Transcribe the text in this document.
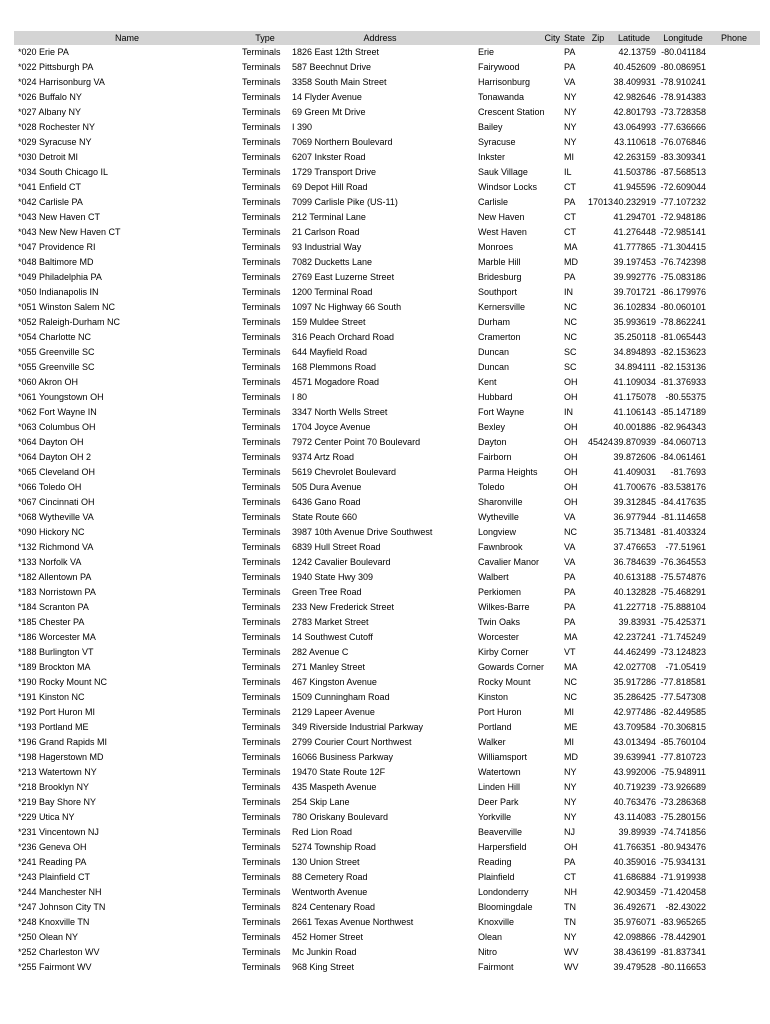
Name	Type	Address	City	State	Zip	Latitude	Longitude	Phone
*020 Erie PA	Terminals	1826 East 12th Street	Erie	PA		42.13759	-80.041184	
*022 Pittsburgh PA	Terminals	587 Beechnut Drive	Fairywood	PA		40.452609	-80.086951	
*024 Harrisonburg VA	Terminals	3358 South Main Street	Harrisonburg	VA		38.409931	-78.910241	
*026 Buffalo NY	Terminals	14 Flyder Avenue	Tonawanda	NY		42.982646	-78.914383	
*027 Albany NY	Terminals	69 Green Mt Drive	Crescent Station	NY		42.801793	-73.728358	
*028 Rochester NY	Terminals	I 390	Bailey	NY		43.064993	-77.636666	
*029 Syracuse NY	Terminals	7069 Northern Boulevard	Syracuse	NY		43.110618	-76.076846	
*030 Detroit MI	Terminals	6207 Inkster Road	Inkster	MI		42.263159	-83.309341	
*034 South Chicago IL	Terminals	1729 Transport Drive	Sauk Village	IL		41.503786	-87.568513	
*041 Enfield CT	Terminals	69 Depot Hill Road	Windsor Locks	CT		41.945596	-72.609044	
*042 Carlisle PA	Terminals	7099 Carlisle Pike (US-11)	Carlisle	PA	17013	40.232919	-77.107232	
*043 New Haven CT	Terminals	212 Terminal Lane	New Haven	CT		41.294701	-72.948186	
*043 New New Haven CT	Terminals	21 Carlson Road	West Haven	CT		41.276448	-72.985141	
*047 Providence RI	Terminals	93 Industrial Way	Monroes	MA		41.777865	-71.304415	
*048 Baltimore MD	Terminals	7082 Ducketts Lane	Marble Hill	MD		39.197453	-76.742398	
*049 Philadelphia PA	Terminals	2769 East Luzerne Street	Bridesburg	PA		39.992776	-75.083186	
*050 Indianapolis IN	Terminals	1200 Terminal Road	Southport	IN		39.701721	-86.179976	
*051 Winston Salem NC	Terminals	1097 Nc Highway 66 South	Kernersville	NC		36.102834	-80.060101	
*052 Raleigh-Durham NC	Terminals	159 Muldee Street	Durham	NC		35.993619	-78.862241	
*054 Charlotte NC	Terminals	316 Peach Orchard Road	Cramerton	NC		35.250118	-81.065443	
*055 Greenville SC	Terminals	644 Mayfield Road	Duncan	SC		34.894893	-82.153623	
*055 Greenville SC	Terminals	168 Plemmons Road	Duncan	SC		34.894111	-82.153136	
*060 Akron OH	Terminals	4571 Mogadore Road	Kent	OH		41.109034	-81.376933	
*061 Youngstown OH	Terminals	I 80	Hubbard	OH		41.175078	-80.55375	
*062 Fort Wayne IN	Terminals	3347 North Wells Street	Fort Wayne	IN		41.106143	-85.147189	
*063 Columbus OH	Terminals	1704 Joyce Avenue	Bexley	OH		40.001886	-82.964343	
*064 Dayton OH	Terminals	7972 Center Point 70 Boulevard	Dayton	OH	45424	39.870939	-84.060713	
*064 Dayton OH 2	Terminals	9374 Artz Road	Fairborn	OH		39.872606	-84.061461	
*065 Cleveland OH	Terminals	5619 Chevrolet Boulevard	Parma Heights	OH		41.409031	-81.7693	
*066 Toledo OH	Terminals	505 Dura Avenue	Toledo	OH		41.700676	-83.538176	
*067 Cincinnati OH	Terminals	6436 Gano Road	Sharonville	OH		39.312845	-84.417635	
*068 Wytheville VA	Terminals	State Route 660	Wytheville	VA		36.977944	-81.114658	
*090 Hickory NC	Terminals	3987 10th Avenue Drive Southwest	Longview	NC		35.713481	-81.403324	
*132 Richmond VA	Terminals	6839 Hull Street Road	Fawnbrook	VA		37.476653	-77.51961	
*133 Norfolk VA	Terminals	1242 Cavalier Boulevard	Cavalier Manor	VA		36.784639	-76.364553	
*182 Allentown PA	Terminals	1940 State Hwy 309	Walbert	PA		40.613188	-75.574876	
*183 Norristown PA	Terminals	Green Tree Road	Perkiomen	PA		40.132828	-75.468291	
*184 Scranton PA	Terminals	233 New Frederick Street	Wilkes-Barre	PA		41.227718	-75.888104	
*185 Chester PA	Terminals	2783 Market Street	Twin Oaks	PA		39.83931	-75.425371	
*186 Worcester MA	Terminals	14 Southwest Cutoff	Worcester	MA		42.237241	-71.745249	
*188 Burlington VT	Terminals	282 Avenue C	Kirby Corner	VT		44.462499	-73.124823	
*189 Brockton MA	Terminals	271 Manley Street	Gowards Corner	MA		42.027708	-71.05419	
*190 Rocky Mount NC	Terminals	467 Kingston Avenue	Rocky Mount	NC		35.917286	-77.818581	
*191 Kinston NC	Terminals	1509 Cunningham Road	Kinston	NC		35.286425	-77.547308	
*192 Port Huron MI	Terminals	2129 Lapeer Avenue	Port Huron	MI		42.977486	-82.449585	
*193 Portland ME	Terminals	349 Riverside Industrial Parkway	Portland	ME		43.709584	-70.306815	
*196 Grand Rapids MI	Terminals	2799 Courier Court Northwest	Walker	MI		43.013494	-85.760104	
*198 Hagerstown MD	Terminals	16066 Business Parkway	Williamsport	MD		39.639941	-77.810723	
*213 Watertown NY	Terminals	19470 State Route 12F	Watertown	NY		43.992006	-75.948911	
*218 Brooklyn NY	Terminals	435 Maspeth Avenue	Linden Hill	NY		40.719239	-73.926689	
*219 Bay Shore NY	Terminals	254 Skip Lane	Deer Park	NY		40.763476	-73.286368	
*229 Utica NY	Terminals	780 Oriskany Boulevard	Yorkville	NY		43.114083	-75.280156	
*231 Vincentown NJ	Terminals	Red Lion Road	Beaverville	NJ		39.89939	-74.741856	
*236 Geneva OH	Terminals	5274 Township Road	Harpersfield	OH		41.766351	-80.943476	
*241 Reading PA	Terminals	130 Union Street	Reading	PA		40.359016	-75.934131	
*243 Plainfield CT	Terminals	88 Cemetery Road	Plainfield	CT		41.686884	-71.919938	
*244 Manchester NH	Terminals	Wentworth Avenue	Londonderry	NH		42.903459	-71.420458	
*247 Johnson City TN	Terminals	824 Centenary Road	Bloomingdale	TN		36.492671	-82.43022	
*248 Knoxville TN	Terminals	2661 Texas Avenue Northwest	Knoxville	TN		35.976071	-83.965265	
*250 Olean NY	Terminals	452 Homer Street	Olean	NY		42.098866	-78.442901	
*252 Charleston WV	Terminals	Mc Junkin Road	Nitro	WV		38.436199	-81.837341	
*255 Fairmont WV	Terminals	968 King Street	Fairmont	WV		39.479528	-80.116653	
